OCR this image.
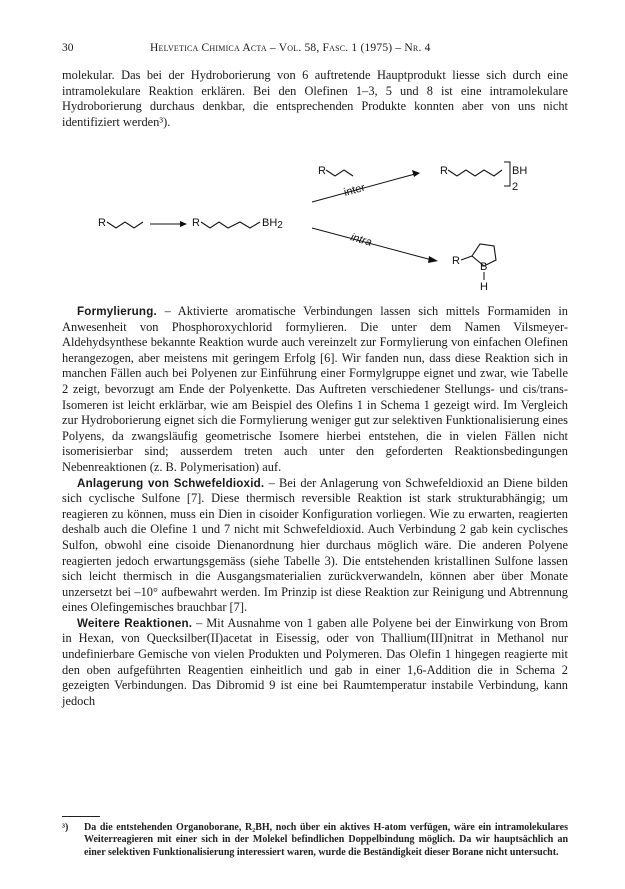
30	Helvetica Chimica Acta – Vol. 58, Fasc. 1 (1975) – Nr. 4

molekular. Das bei der Hydroborierung von 6 auftretende Hauptprodukt liesse sich durch eine intramolekulare Reaktion erklären. Bei den Olefinen 1–3, 5 und 8 ist eine intramolekulare Hydroborierung durchaus denkbar, die entsprechenden Produkte konnten aber von uns nicht identifiziert werden³).

R	R	BH2
inter
intra
R	R	BH
2
R B
H

Formylierung. – Aktivierte aromatische Verbindungen lassen sich mittels Formamiden in Anwesenheit von Phosphoroxychlorid formylieren. Die unter dem Namen Vilsmeyer-Aldehydsynthese bekannte Reaktion wurde auch vereinzelt zur Formylierung von einfachen Olefinen herangezogen, aber meistens mit geringem Erfolg [6]. Wir fanden nun, dass diese Reaktion sich in manchen Fällen auch bei Polyenen zur Einführung einer Formylgruppe eignet und zwar, wie Tabelle 2 zeigt, bevorzugt am Ende der Polyenkette. Das Auftreten verschiedener Stellungs- und cis/trans-Isomeren ist leicht erklärbar, wie am Beispiel des Olefins 1 in Schema 1 gezeigt wird. Im Vergleich zur Hydroborierung eignet sich die Formylierung weniger gut zur selektiven Funktionalisierung eines Polyens, da zwangsläufig geometrische Isomere hierbei entstehen, die in vielen Fällen nicht isomerisierbar sind; ausserdem treten auch unter den geforderten Reaktionsbedingungen Nebenreaktionen (z. B. Polymerisation) auf.

Anlagerung von Schwefeldioxid. – Bei der Anlagerung von Schwefeldioxid an Diene bilden sich cyclische Sulfone [7]. Diese thermisch reversible Reaktion ist stark strukturabhängig; um reagieren zu können, muss ein Dien in cisoider Konfiguration vorliegen. Wie zu erwarten, reagierten deshalb auch die Olefine 1 und 7 nicht mit Schwefeldioxid. Auch Verbindung 2 gab kein cyclisches Sulfon, obwohl eine cisoide Dienanordnung hier durchaus möglich wäre. Die anderen Polyene reagierten jedoch erwartungsgemäss (siehe Tabelle 3). Die entstehenden kristallinen Sulfone lassen sich leicht thermisch in die Ausgangsmaterialien zurückverwandeln, können aber über Monate unzersetzt bei –10° aufbewahrt werden. Im Prinzip ist diese Reaktion zur Reinigung und Abtrennung eines Olefingemisches brauchbar [7].

Weitere Reaktionen. – Mit Ausnahme von 1 gaben alle Polyene bei der Einwirkung von Brom in Hexan, von Quecksilber(II)acetat in Eisessig, oder von Thallium(III)nitrat in Methanol nur undefinierbare Gemische von vielen Produkten und Polymeren. Das Olefin 1 hingegen reagierte mit den oben aufgeführten Reagentien einheitlich und gab in einer 1,6-Addition die in Schema 2 gezeigten Verbindungen. Das Dibromid 9 ist eine bei Raumtemperatur instabile Verbindung, kann jedoch

³) Da die entstehenden Organoborane, R₂BH, noch über ein aktives H-atom verfügen, wäre ein intramolekulares Weiterreagieren mit einer sich in der Molekel befindlichen Doppelbindung möglich. Da wir hauptsächlich an einer selektiven Funktionalisierung interessiert waren, wurde die Beständigkeit dieser Borane nicht untersucht.
